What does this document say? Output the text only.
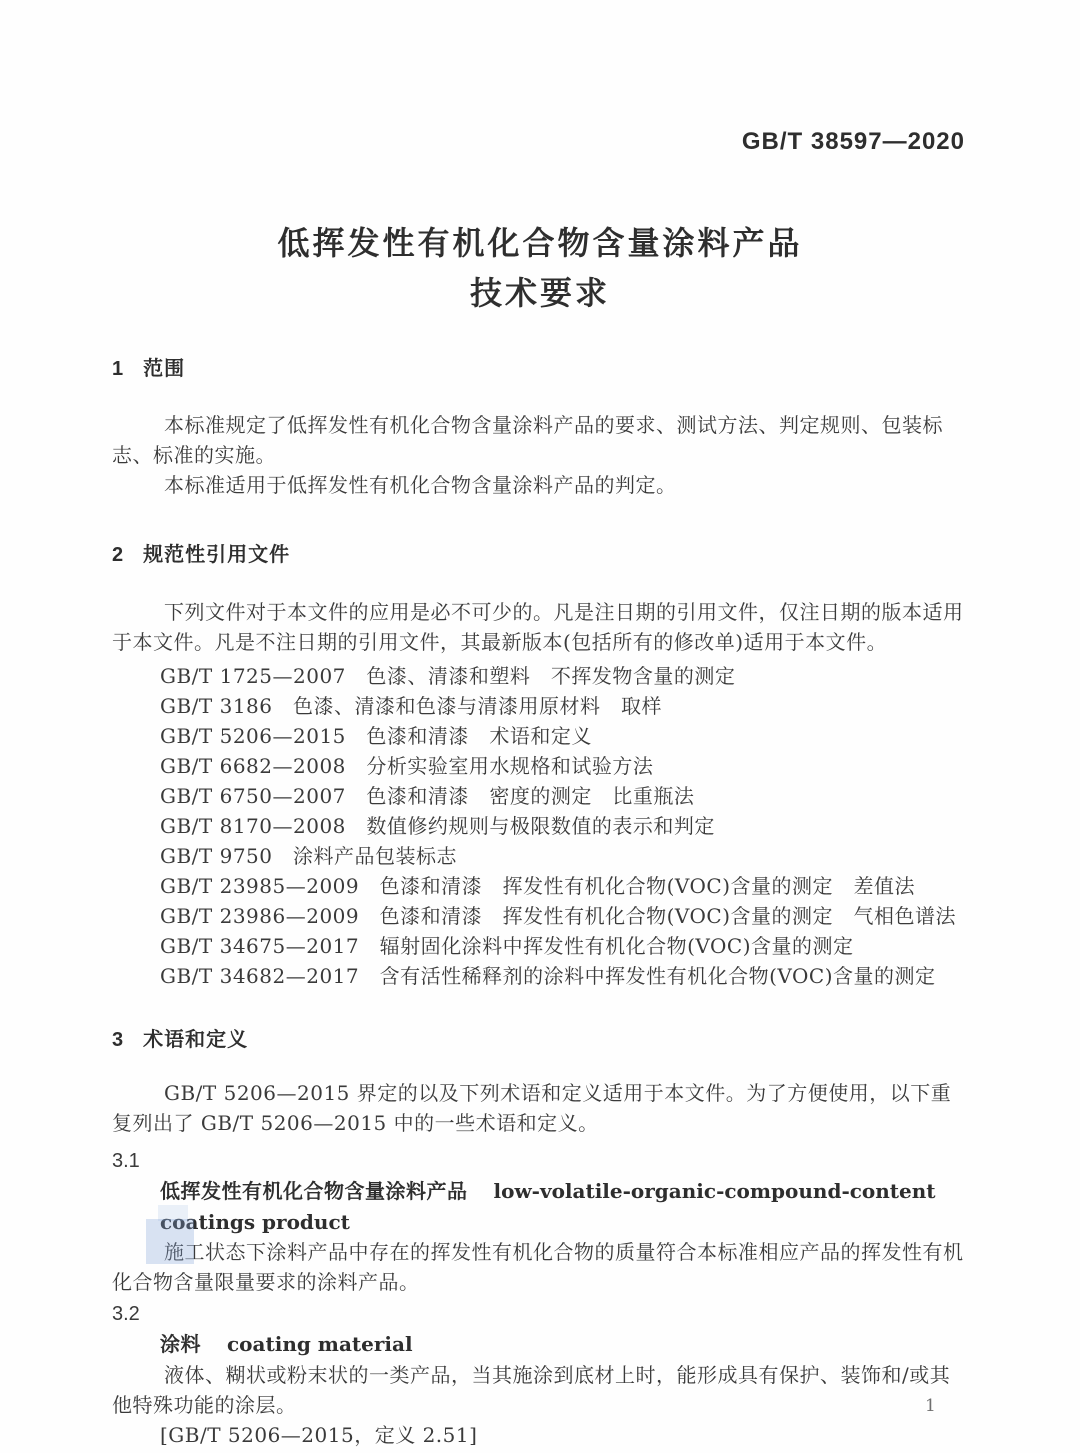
GB/T 38597—2020
低挥发性有机化合物含量涂料产品
技术要求
1 范围

本标准规定了低挥发性有机化合物含量涂料产品的要求、测试方法、判定规则、包装标志、标准的实施。

本标准适用于低挥发性有机化合物含量涂料产品的判定。

2 规范性引用文件

下列文件对于本文件的应用是必不可少的。凡是注日期的引用文件，仅注日期的版本适用于本文件。凡是不注日期的引用文件，其最新版本(包括所有的修改单)适用于本文件。

GB/T 1725—2007　色漆、清漆和塑料　不挥发物含量的测定
GB/T 3186　色漆、清漆和色漆与清漆用原材料　取样
GB/T 5206—2015　色漆和清漆　术语和定义
GB/T 6682—2008　分析实验室用水规格和试验方法
GB/T 6750—2007　色漆和清漆　密度的测定　比重瓶法
GB/T 8170—2008　数值修约规则与极限数值的表示和判定
GB/T 9750　涂料产品包装标志
GB/T 23985—2009　色漆和清漆　挥发性有机化合物(VOC)含量的测定　差值法
GB/T 23986—2009　色漆和清漆　挥发性有机化合物(VOC)含量的测定　气相色谱法
GB/T 34675—2017　辐射固化涂料中挥发性有机化合物(VOC)含量的测定
GB/T 34682—2017　含有活性稀释剂的涂料中挥发性有机化合物(VOC)含量的测定
3 术语和定义

GB/T 5206—2015 界定的以及下列术语和定义适用于本文件。为了方便使用，以下重复列出了 GB/T 5206—2015 中的一些术语和定义。

3.1
低挥发性有机化合物含量涂料产品 low-volatile-organic-compound-content coatings product

施工状态下涂料产品中存在的挥发性有机化合物的质量符合本标准相应产品的挥发性有机化合物含量限量要求的涂料产品。

3.2
涂料 coating material

液体、糊状或粉末状的一类产品，当其施涂到底材上时，能形成具有保护、装饰和/或其他特殊功能的涂层。

[GB/T 5206—2015，定义 2.51]
1
